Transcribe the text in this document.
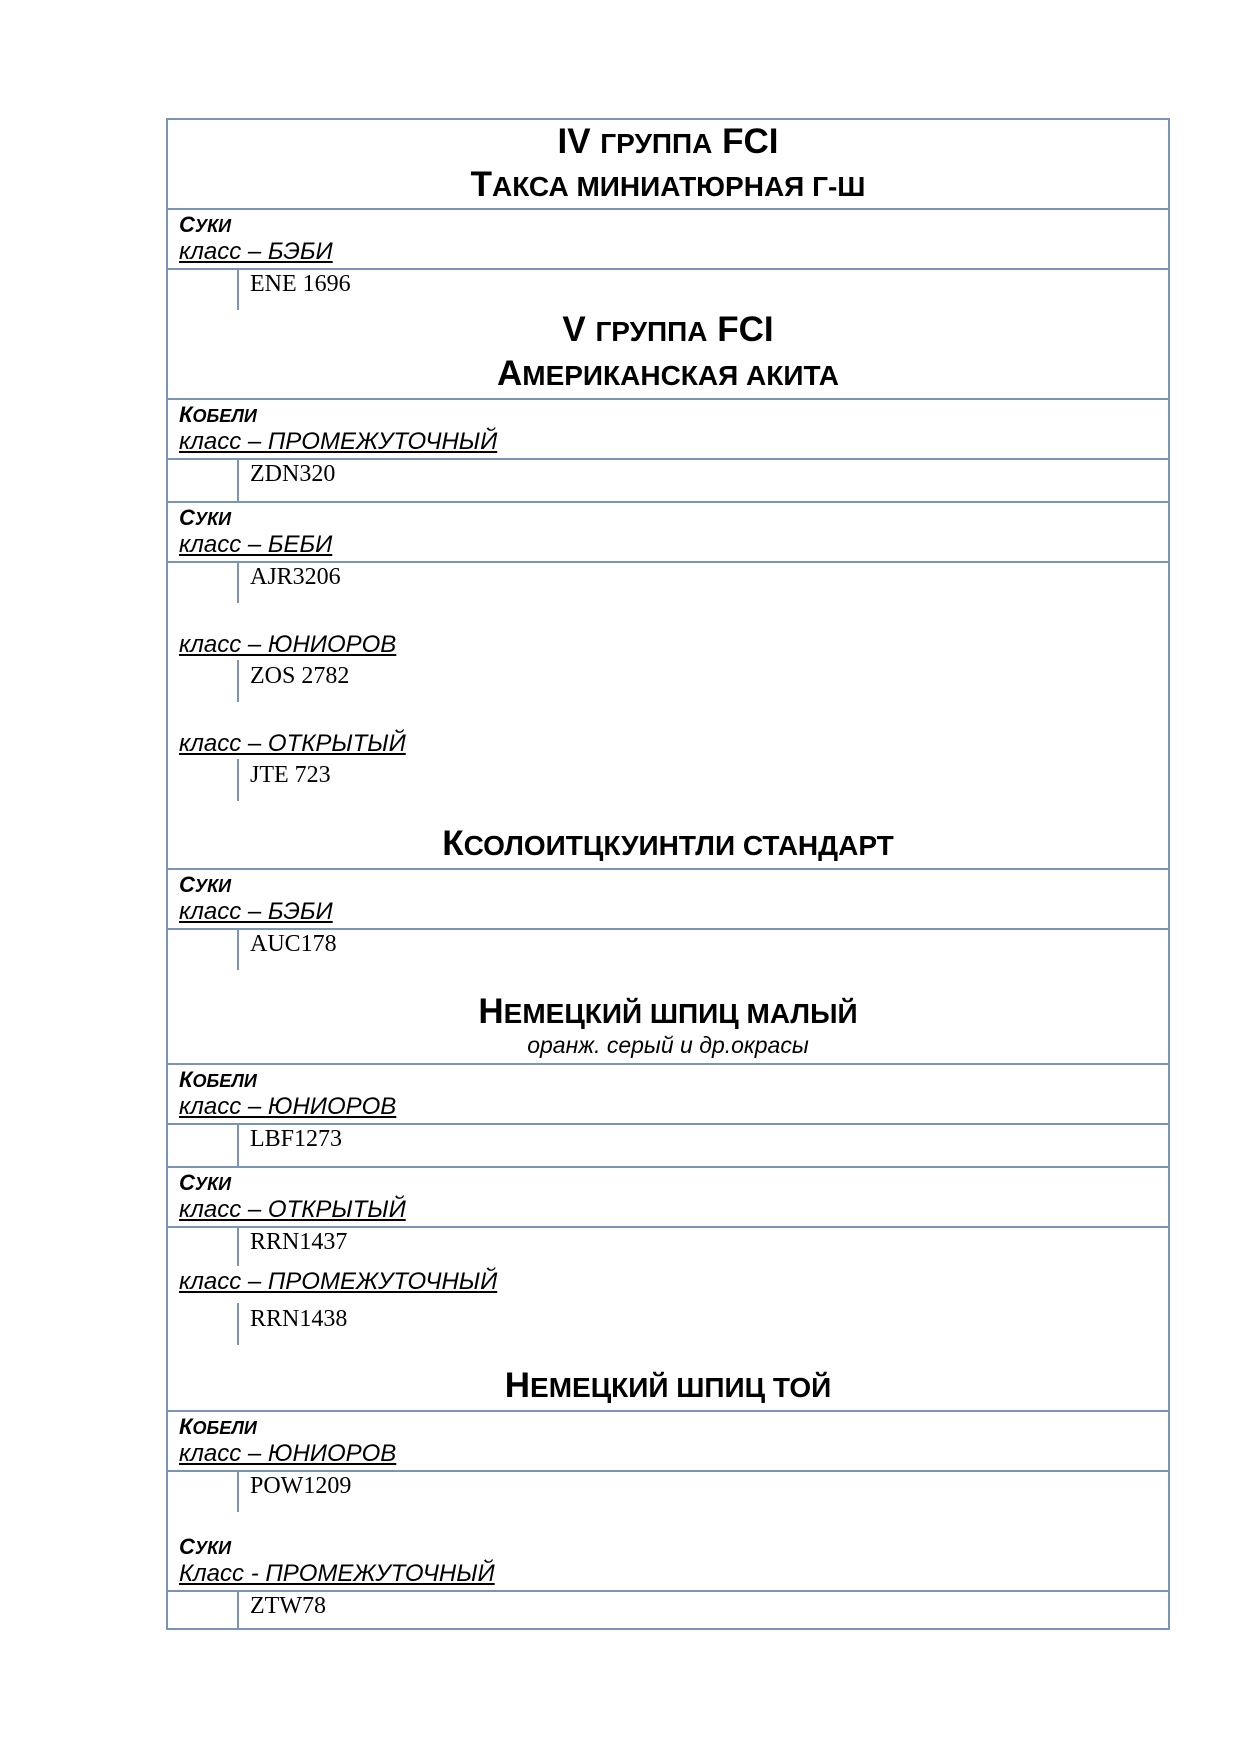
IV ГРУППА FCI
ТАКСА МИНИАТЮРНАЯ Г-Ш
СУКИ
класс – БЭБИ
ENE 1696
V ГРУППА FCI
АМЕРИКАНСКАЯ АКИТА
КОБЕЛИ
класс – ПРОМЕЖУТОЧНЫЙ
ZDN320
СУКИ
класс – БЕБИ
AJR3206
класс – ЮНИОРОВ
ZOS 2782
класс – ОТКРЫТЫЙ
JTE 723
КСОЛОИТЦКУИНТЛИ СТАНДАРТ
СУКИ
класс – БЭБИ
AUC178
НЕМЕЦКИЙ ШПИЦ МАЛЫЙ
оранж. серый и др.окрасы
КОБЕЛИ
класс – ЮНИОРОВ
LBF1273
СУКИ
класс – ОТКРЫТЫЙ
RRN1437
класс – ПРОМЕЖУТОЧНЫЙ
RRN1438
НЕМЕЦКИЙ ШПИЦ ТОЙ
КОБЕЛИ
класс – ЮНИОРОВ
POW1209
СУКИ
Класс - ПРОМЕЖУТОЧНЫЙ
ZTW78
